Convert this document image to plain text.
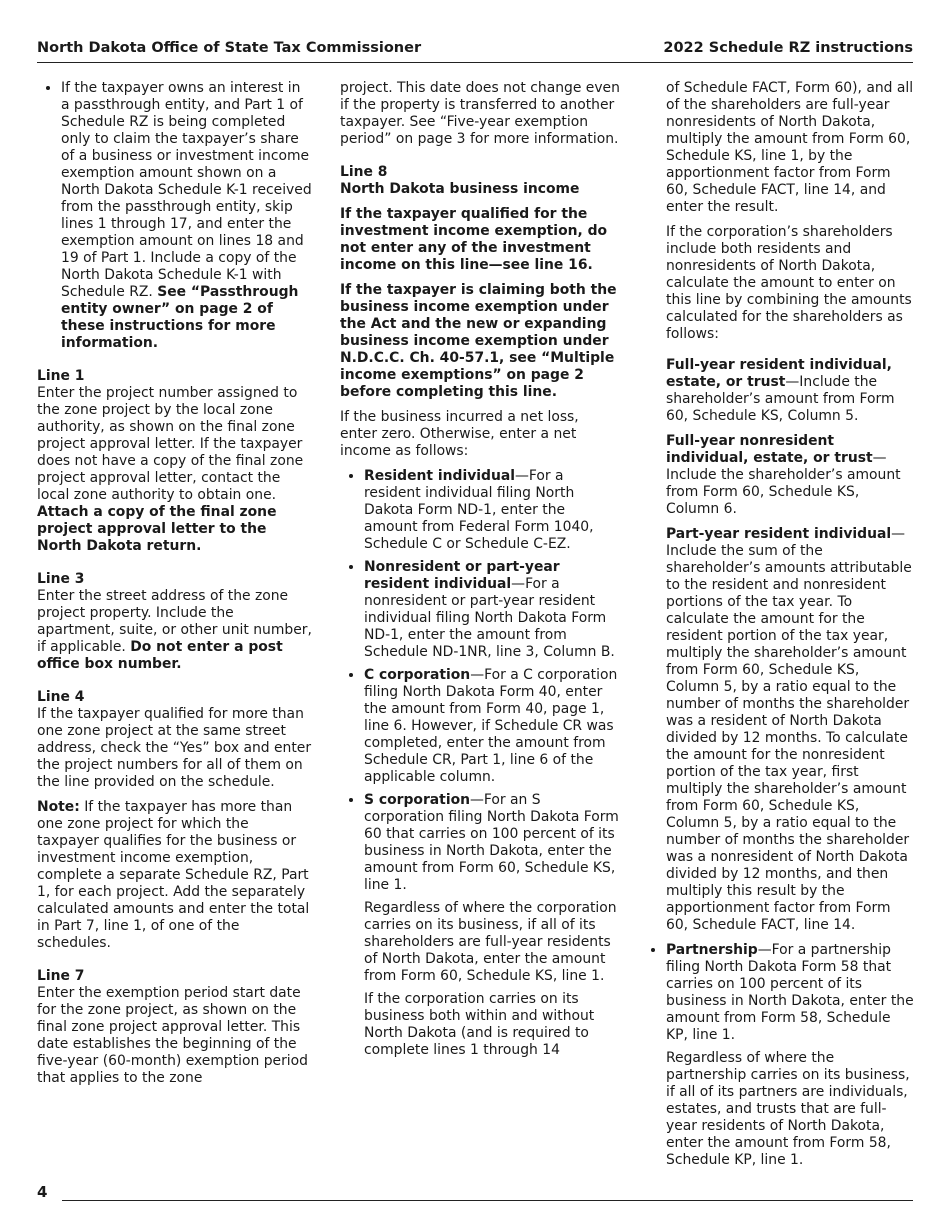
North Dakota Office of State Tax Commissioner	2022 Schedule RZ instructions
• If the taxpayer owns an interest in a passthrough entity, and Part 1 of Schedule RZ is being completed only to claim the taxpayer’s share of a business or investment income exemption amount shown on a North Dakota Schedule K-1 received from the passthrough entity, skip lines 1 through 17, and enter the exemption amount on lines 18 and 19 of Part 1. Include a copy of the North Dakota Schedule K-1 with Schedule RZ. See “Passthrough entity owner” on page 2 of these instructions for more information.
Line 1

Enter the project number assigned to the zone project by the local zone authority, as shown on the final zone project approval letter. If the taxpayer does not have a copy of the final zone project approval letter, contact the local zone authority to obtain one. Attach a copy of the final zone project approval letter to the North Dakota return.

Line 3

Enter the street address of the zone project property. Include the apartment, suite, or other unit number, if applicable. Do not enter a post office box number.

Line 4

If the taxpayer qualified for more than one zone project at the same street address, check the “Yes” box and enter the project numbers for all of them on the line provided on the schedule.

Note: If the taxpayer has more than one zone project for which the taxpayer qualifies for the business or investment income exemption, complete a separate Schedule RZ, Part 1, for each project. Add the separately calculated amounts and enter the total in Part 7, line 1, of one of the schedules.

Line 7

Enter the exemption period start date for the zone project, as shown on the final zone project approval letter. This date establishes the beginning of the five-year (60-month) exemption period that applies to the zone

project. This date does not change even if the property is transferred to another taxpayer. See “Five-year exemption period” on page 3 for more information.

Line 8
North Dakota business income

If the taxpayer qualified for the investment income exemption, do not enter any of the investment income on this line—see line 16.

If the taxpayer is claiming both the business income exemption under the Act and the new or expanding business income exemption under N.D.C.C. Ch. 40-57.1, see “Multiple income exemptions” on page 2 before completing this line.

If the business incurred a net loss, enter zero. Otherwise, enter a net income as follows:

• Resident individual—For a resident individual filing North Dakota Form ND-1, enter the amount from Federal Form 1040, Schedule C or Schedule C-EZ.
• Nonresident or part-year resident individual—For a nonresident or part-year resident individual filing North Dakota Form ND-1, enter the amount from Schedule ND-1NR, line 3, Column B.
• C corporation—For a C corporation filing North Dakota Form 40, enter the amount from Form 40, page 1, line 6. However, if Schedule CR was completed, enter the amount from Schedule CR, Part 1, line 6 of the applicable column.

• S corporation—For an S corporation filing North Dakota Form 60 that carries on 100 percent of its business in North Dakota, enter the amount from Form 60, Schedule KS, line 1.

Regardless of where the corporation carries on its business, if all of its shareholders are full-year residents of North Dakota, enter the amount from Form 60, Schedule KS, line 1.

If the corporation carries on its business both within and without North Dakota (and is required to complete lines 1 through 14

of Schedule FACT, Form 60), and all of the shareholders are full-year nonresidents of North Dakota, multiply the amount from Form 60, Schedule KS, line 1, by the apportionment factor from Form 60, Schedule FACT, line 14, and enter the result.

If the corporation’s shareholders include both residents and nonresidents of North Dakota, calculate the amount to enter on this line by combining the amounts calculated for the shareholders as follows:

Full-year resident individual, estate, or trust—Include the shareholder’s amount from Form 60, Schedule KS, Column 5.

Full-year nonresident individual, estate, or trust—Include the shareholder’s amount from Form 60, Schedule KS, Column 6.

Part-year resident individual—Include the sum of the shareholder’s amounts attributable to the resident and nonresident portions of the tax year. To calculate the amount for the resident portion of the tax year, multiply the shareholder’s amount from Form 60, Schedule KS, Column 5, by a ratio equal to the number of months the shareholder was a resident of North Dakota divided by 12 months. To calculate the amount for the nonresident portion of the tax year, first multiply the shareholder’s amount from Form 60, Schedule KS, Column 5, by a ratio equal to the number of months the shareholder was a nonresident of North Dakota divided by 12 months, and then multiply this result by the apportionment factor from Form 60, Schedule FACT, line 14.

• Partnership—For a partnership filing North Dakota Form 58 that carries on 100 percent of its business in North Dakota, enter the amount from Form 58, Schedule KP, line 1.

Regardless of where the partnership carries on its business, if all of its partners are individuals, estates, and trusts that are full-year residents of North Dakota, enter the amount from Form 58, Schedule KP, line 1.

4
